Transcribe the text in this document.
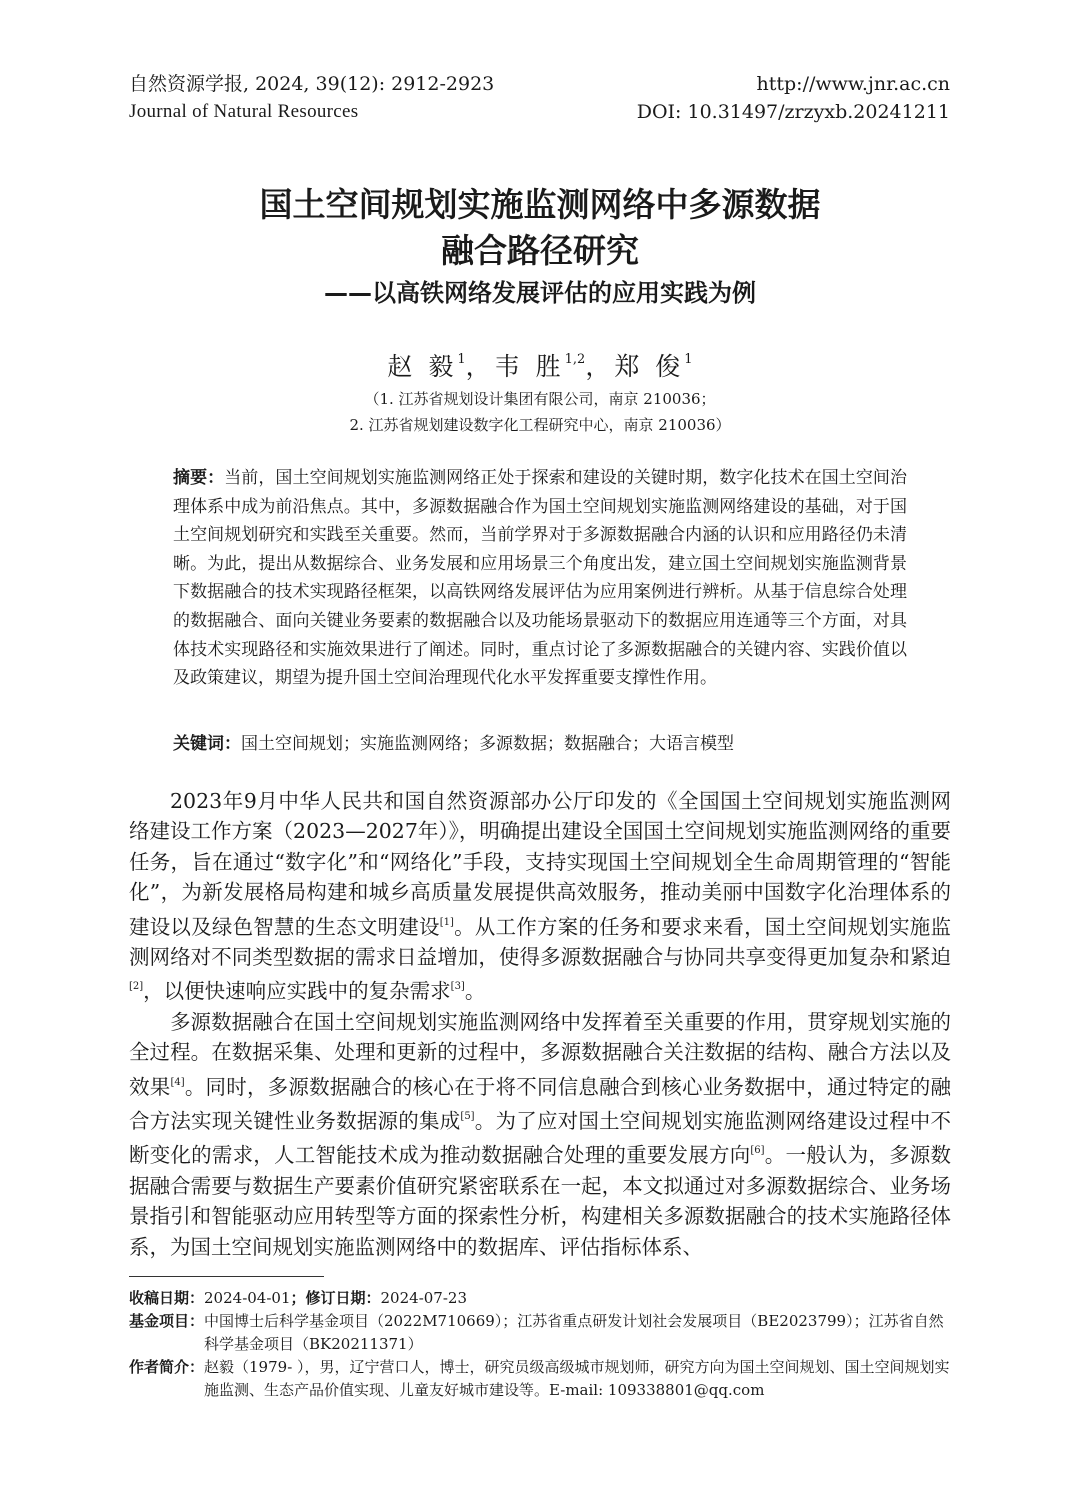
自然资源学报, 2024, 39(12): 2912-2923
Journal of Natural Resources
http://www.jnr.ac.cn
DOI: 10.31497/zrzyxb.20241211
国土空间规划实施监测网络中多源数据
融合路径研究
——以高铁网络发展评估的应用实践为例
赵 毅$^1$，韦 胜$^{1,2}$，郑 俊$^1$
（1. 江苏省规划设计集团有限公司，南京 210036；
2. 江苏省规划建设数字化工程研究中心，南京 210036）
摘要：当前，国土空间规划实施监测网络正处于探索和建设的关键时期，数字化技术在国土空间治理体系中成为前沿焦点。其中，多源数据融合作为国土空间规划实施监测网络建设的基础，对于国土空间规划研究和实践至关重要。然而，当前学界对于多源数据融合内涵的认识和应用路径仍未清晰。为此，提出从数据综合、业务发展和应用场景三个角度出发，建立国土空间规划实施监测背景下数据融合的技术实现路径框架，以高铁网络发展评估为应用案例进行辨析。从基于信息综合处理的数据融合、面向关键业务要素的数据融合以及功能场景驱动下的数据应用连通等三个方面，对具体技术实现路径和实施效果进行了阐述。同时，重点讨论了多源数据融合的关键内容、实践价值以及政策建议，期望为提升国土空间治理现代化水平发挥重要支撑性作用。
关键词：国土空间规划；实施监测网络；多源数据；数据融合；大语言模型

2023年9月中华人民共和国自然资源部办公厅印发的《全国国土空间规划实施监测网络建设工作方案（2023—2027年）》，明确提出建设全国国土空间规划实施监测网络的重要任务，旨在通过“数字化”和“网络化”手段，支持实现国土空间规划全生命周期管理的“智能化”，为新发展格局构建和城乡高质量发展提供高效服务，推动美丽中国数字化治理体系的建设以及绿色智慧的生态文明建设[1]。从工作方案的任务和要求来看，国土空间规划实施监测网络对不同类型数据的需求日益增加，使得多源数据融合与协同共享变得更加复杂和紧迫[2]，以便快速响应实践中的复杂需求[3]。

多源数据融合在国土空间规划实施监测网络中发挥着至关重要的作用，贯穿规划实施的全过程。在数据采集、处理和更新的过程中，多源数据融合关注数据的结构、融合方法以及效果[4]。同时，多源数据融合的核心在于将不同信息融合到核心业务数据中，通过特定的融合方法实现关键性业务数据源的集成[5]。为了应对国土空间规划实施监测网络建设过程中不断变化的需求，人工智能技术成为推动数据融合处理的重要发展方向[6]。一般认为，多源数据融合需要与数据生产要素价值研究紧密联系在一起，本文拟通过对多源数据综合、业务场景指引和智能驱动应用转型等方面的探索性分析，构建相关多源数据融合的技术实施路径体系，为国土空间规划实施监测网络中的数据库、评估指标体系、

收稿日期：2024-04-01；修订日期：2024-07-23
基金项目： 中国博士后科学基金项目（2022M710669）；江苏省重点研发计划社会发展项目（BE2023799）；江苏省自然科学基金项目（BK20211371）
作者简介： 赵毅（1979- ），男，辽宁营口人，博士，研究员级高级城市规划师，研究方向为国土空间规划、国土空间规划实施监测、生态产品价值实现、儿童友好城市建设等。E-mail: 109338801@qq.com
